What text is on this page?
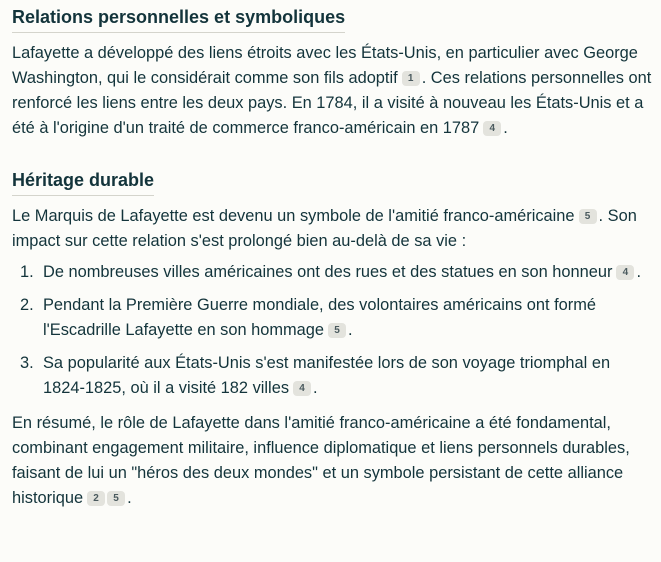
Relations personnelles et symboliques

Lafayette a développé des liens étroits avec les États-Unis, en particulier avec George Washington, qui le considérait comme son fils adoptif 1 . Ces relations personnelles ont renforcé les liens entre les deux pays. En 1784, il a visité à nouveau les États-Unis et a été à l'origine d'un traité de commerce franco-américain en 1787 4 .

Héritage durable

Le Marquis de Lafayette est devenu un symbole de l'amitié franco-américaine 5 . Son impact sur cette relation s'est prolongé bien au-delà de sa vie :

1. De nombreuses villes américaines ont des rues et des statues en son honneur 4 .
2. Pendant la Première Guerre mondiale, des volontaires américains ont formé l'Escadrille Lafayette en son hommage 5 .
3. Sa popularité aux États-Unis s'est manifestée lors de son voyage triomphal en 1824-1825, où il a visité 182 villes 4 .

En résumé, le rôle de Lafayette dans l'amitié franco-américaine a été fondamental, combinant engagement militaire, influence diplomatique et liens personnels durables, faisant de lui un "héros des deux mondes" et un symbole persistant de cette alliance historique 2 5 .
